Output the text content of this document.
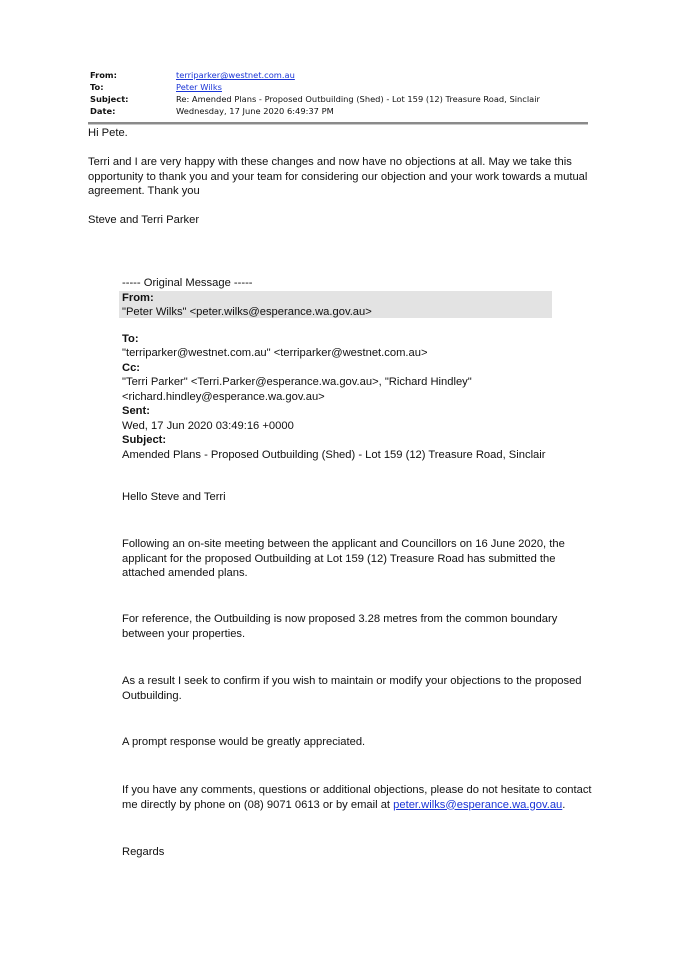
From:	terriparker@westnet.com.au
To:	Peter Wilks
Subject:	Re: Amended Plans - Proposed Outbuilding (Shed) - Lot 159 (12) Treasure Road, Sinclair
Date:	Wednesday, 17 June 2020 6:49:37 PM
Hi Pete.
Terri and I are very happy with these changes and now have no objections at all. May we take this
opportunity to thank you and your team for considering our objection and your work towards a mutual
agreement. Thank you
Steve and Terri Parker
----- Original Message -----
From:
"Peter Wilks" <peter.wilks@esperance.wa.gov.au>
To:
"terriparker@westnet.com.au" <terriparker@westnet.com.au>
Cc:
"Terri Parker" <Terri.Parker@esperance.wa.gov.au>, "Richard Hindley"
<richard.hindley@esperance.wa.gov.au>
Sent:
Wed, 17 Jun 2020 03:49:16 +0000
Subject:
Amended Plans - Proposed Outbuilding (Shed) - Lot 159 (12) Treasure Road, Sinclair
Hello Steve and Terri
Following an on-site meeting between the applicant and Councillors on 16 June 2020, the
applicant for the proposed Outbuilding at Lot 159 (12) Treasure Road has submitted the
attached amended plans.
For reference, the Outbuilding is now proposed 3.28 metres from the common boundary
between your properties.
As a result I seek to confirm if you wish to maintain or modify your objections to the proposed
Outbuilding.
A prompt response would be greatly appreciated.
If you have any comments, questions or additional objections, please do not hesitate to contact
me directly by phone on (08) 9071 0613 or by email at peter.wilks@esperance.wa.gov.au.
Regards
